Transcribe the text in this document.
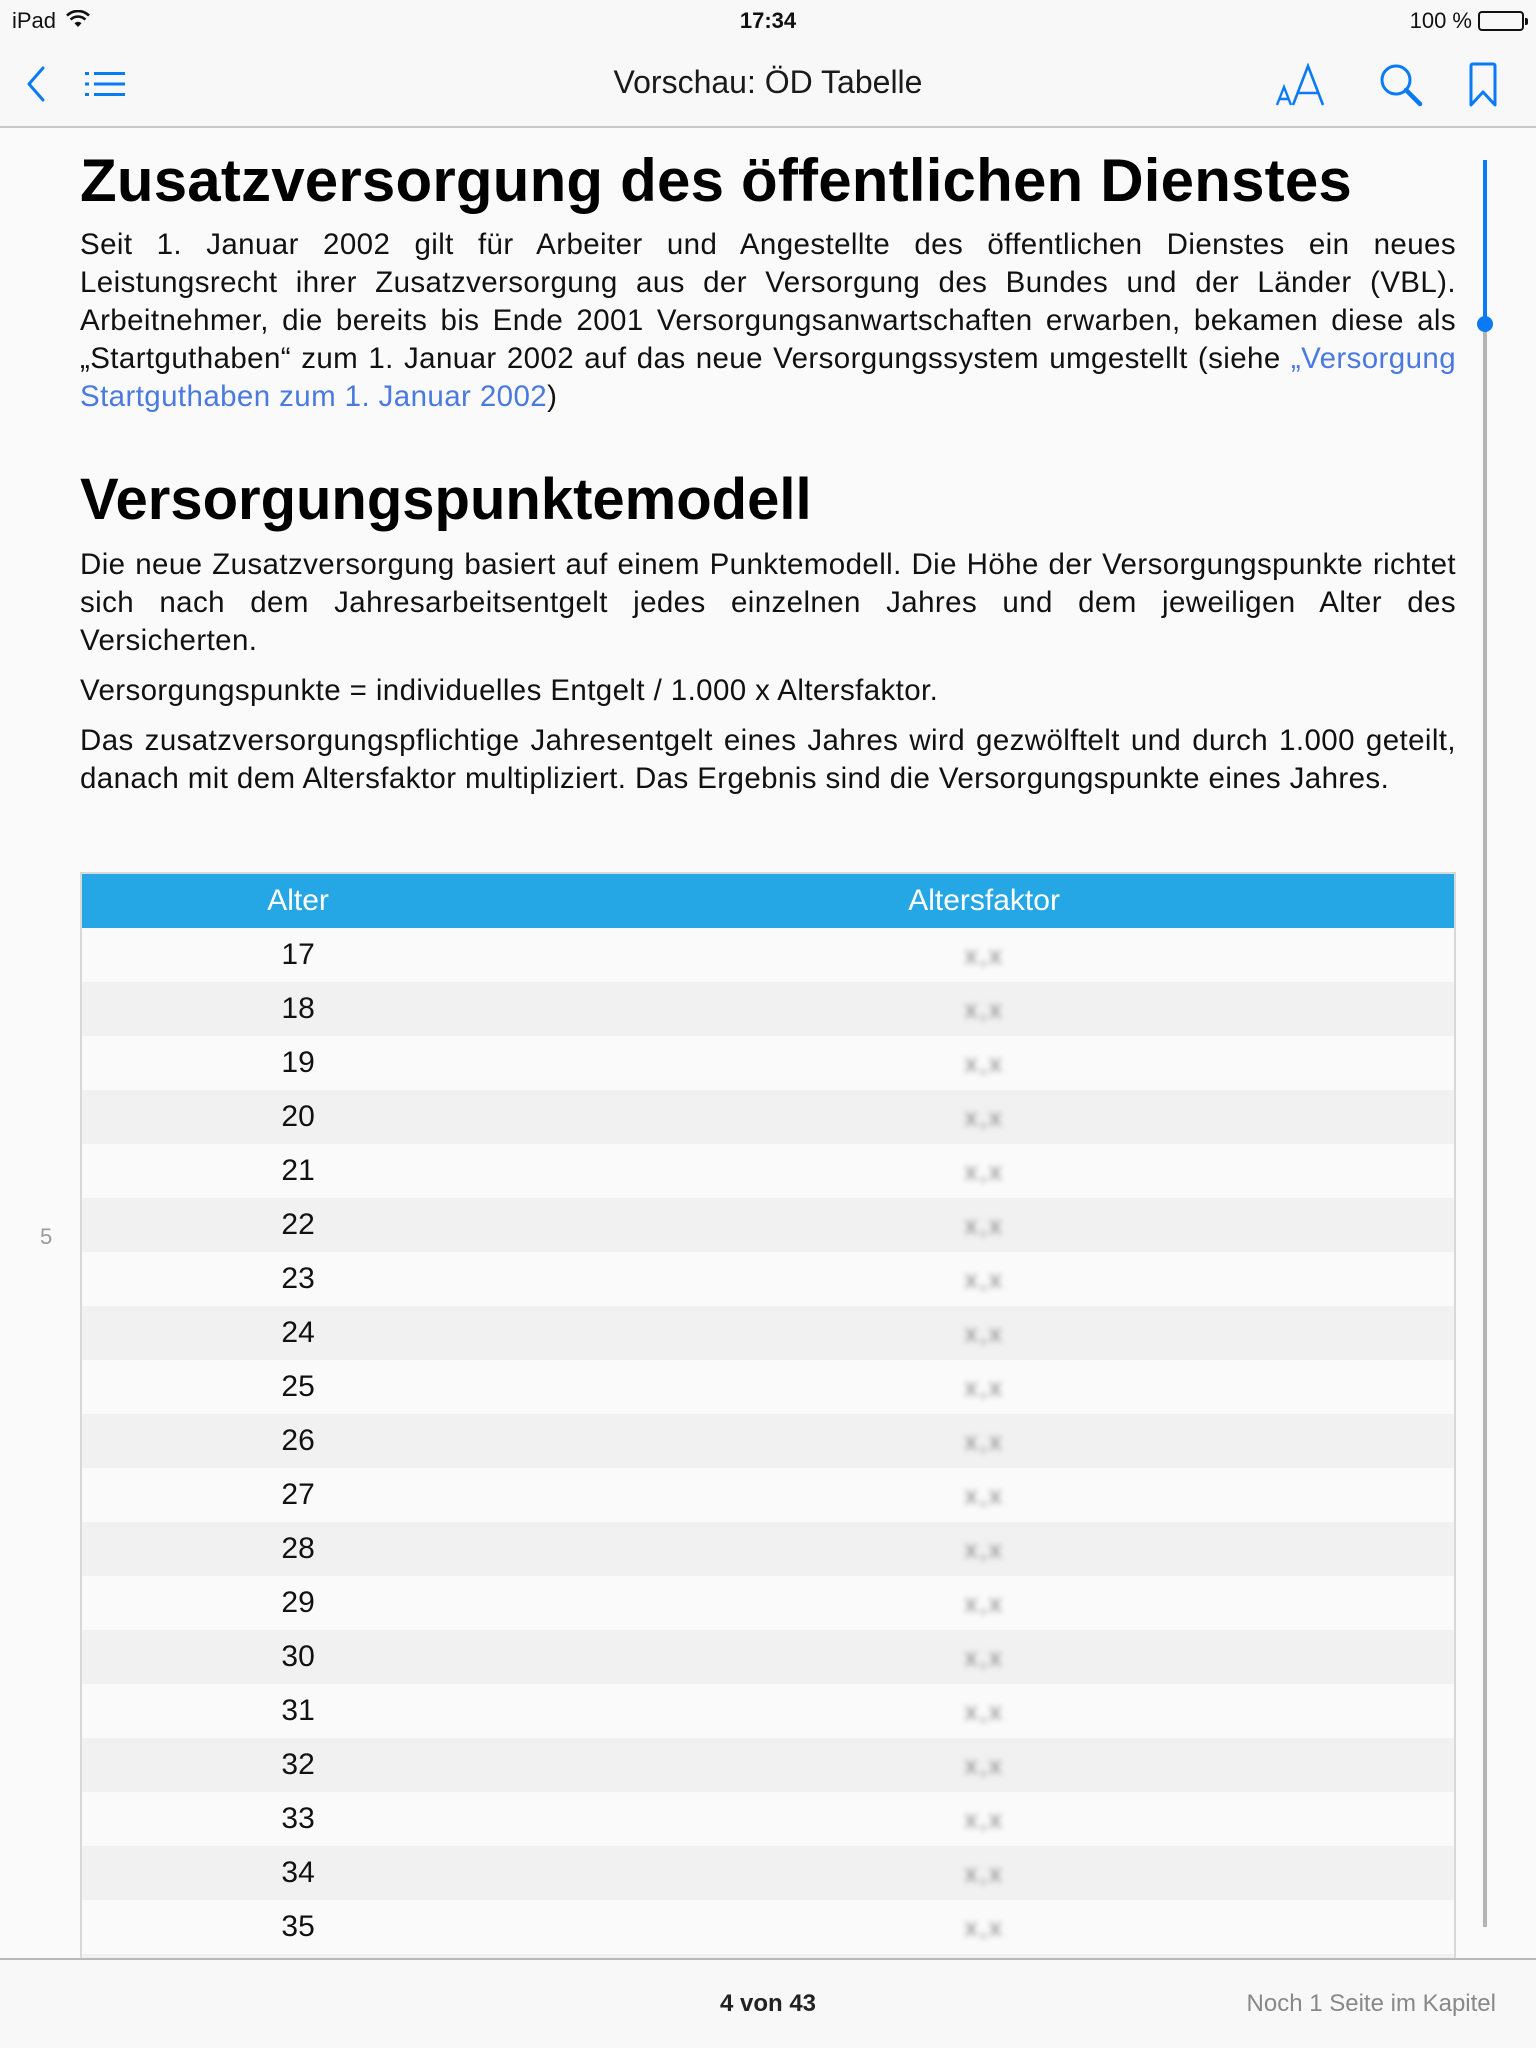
iPad	17:34	100 %
Vorschau: ÖD Tabelle
Zusatzversorgung des öffentlichen Dienstes

Seit 1. Januar 2002 gilt für Arbeiter und Angestellte des öffentlichen Dienstes ein neues Leistungsrecht ihrer Zusatzversorgung aus der Versorgung des Bundes und der Länder (VBL). Arbeitnehmer, die bereits bis Ende 2001 Versorgungsanwartschaften erwarben, bekamen diese als „Startguthaben“ zum 1. Januar 2002 auf das neue Versorgungssystem umgestellt (siehe „Versorgung Startguthaben zum 1. Januar 2002)

Versorgungspunktemodell

Die neue Zusatzversorgung basiert auf einem Punktemodell. Die Höhe der Versorgungspunkte richtet sich nach dem Jahresarbeitsentgelt jedes einzelnen Jahres und dem jeweiligen Alter des Versicherten.

Versorgungspunkte = individuelles Entgelt / 1.000 x Altersfaktor.

Das zusatzversorgungspflichtige Jahresentgelt eines Jahres wird gezwölftelt und durch 1.000 geteilt, danach mit dem Altersfaktor multipliziert. Das Ergebnis sind die Versorgungspunkte eines Jahres.

Alter	Altersfaktor
17	x,x
18	x,x
19	x,x
20	x,x
21	x,x
22	x,x
23	x,x
24	x,x
25	x,x
26	x,x
27	x,x
28	x,x
29	x,x
30	x,x
31	x,x
32	x,x
33	x,x
34	x,x
35	x,x

5
4 von 43	Noch 1 Seite im Kapitel
